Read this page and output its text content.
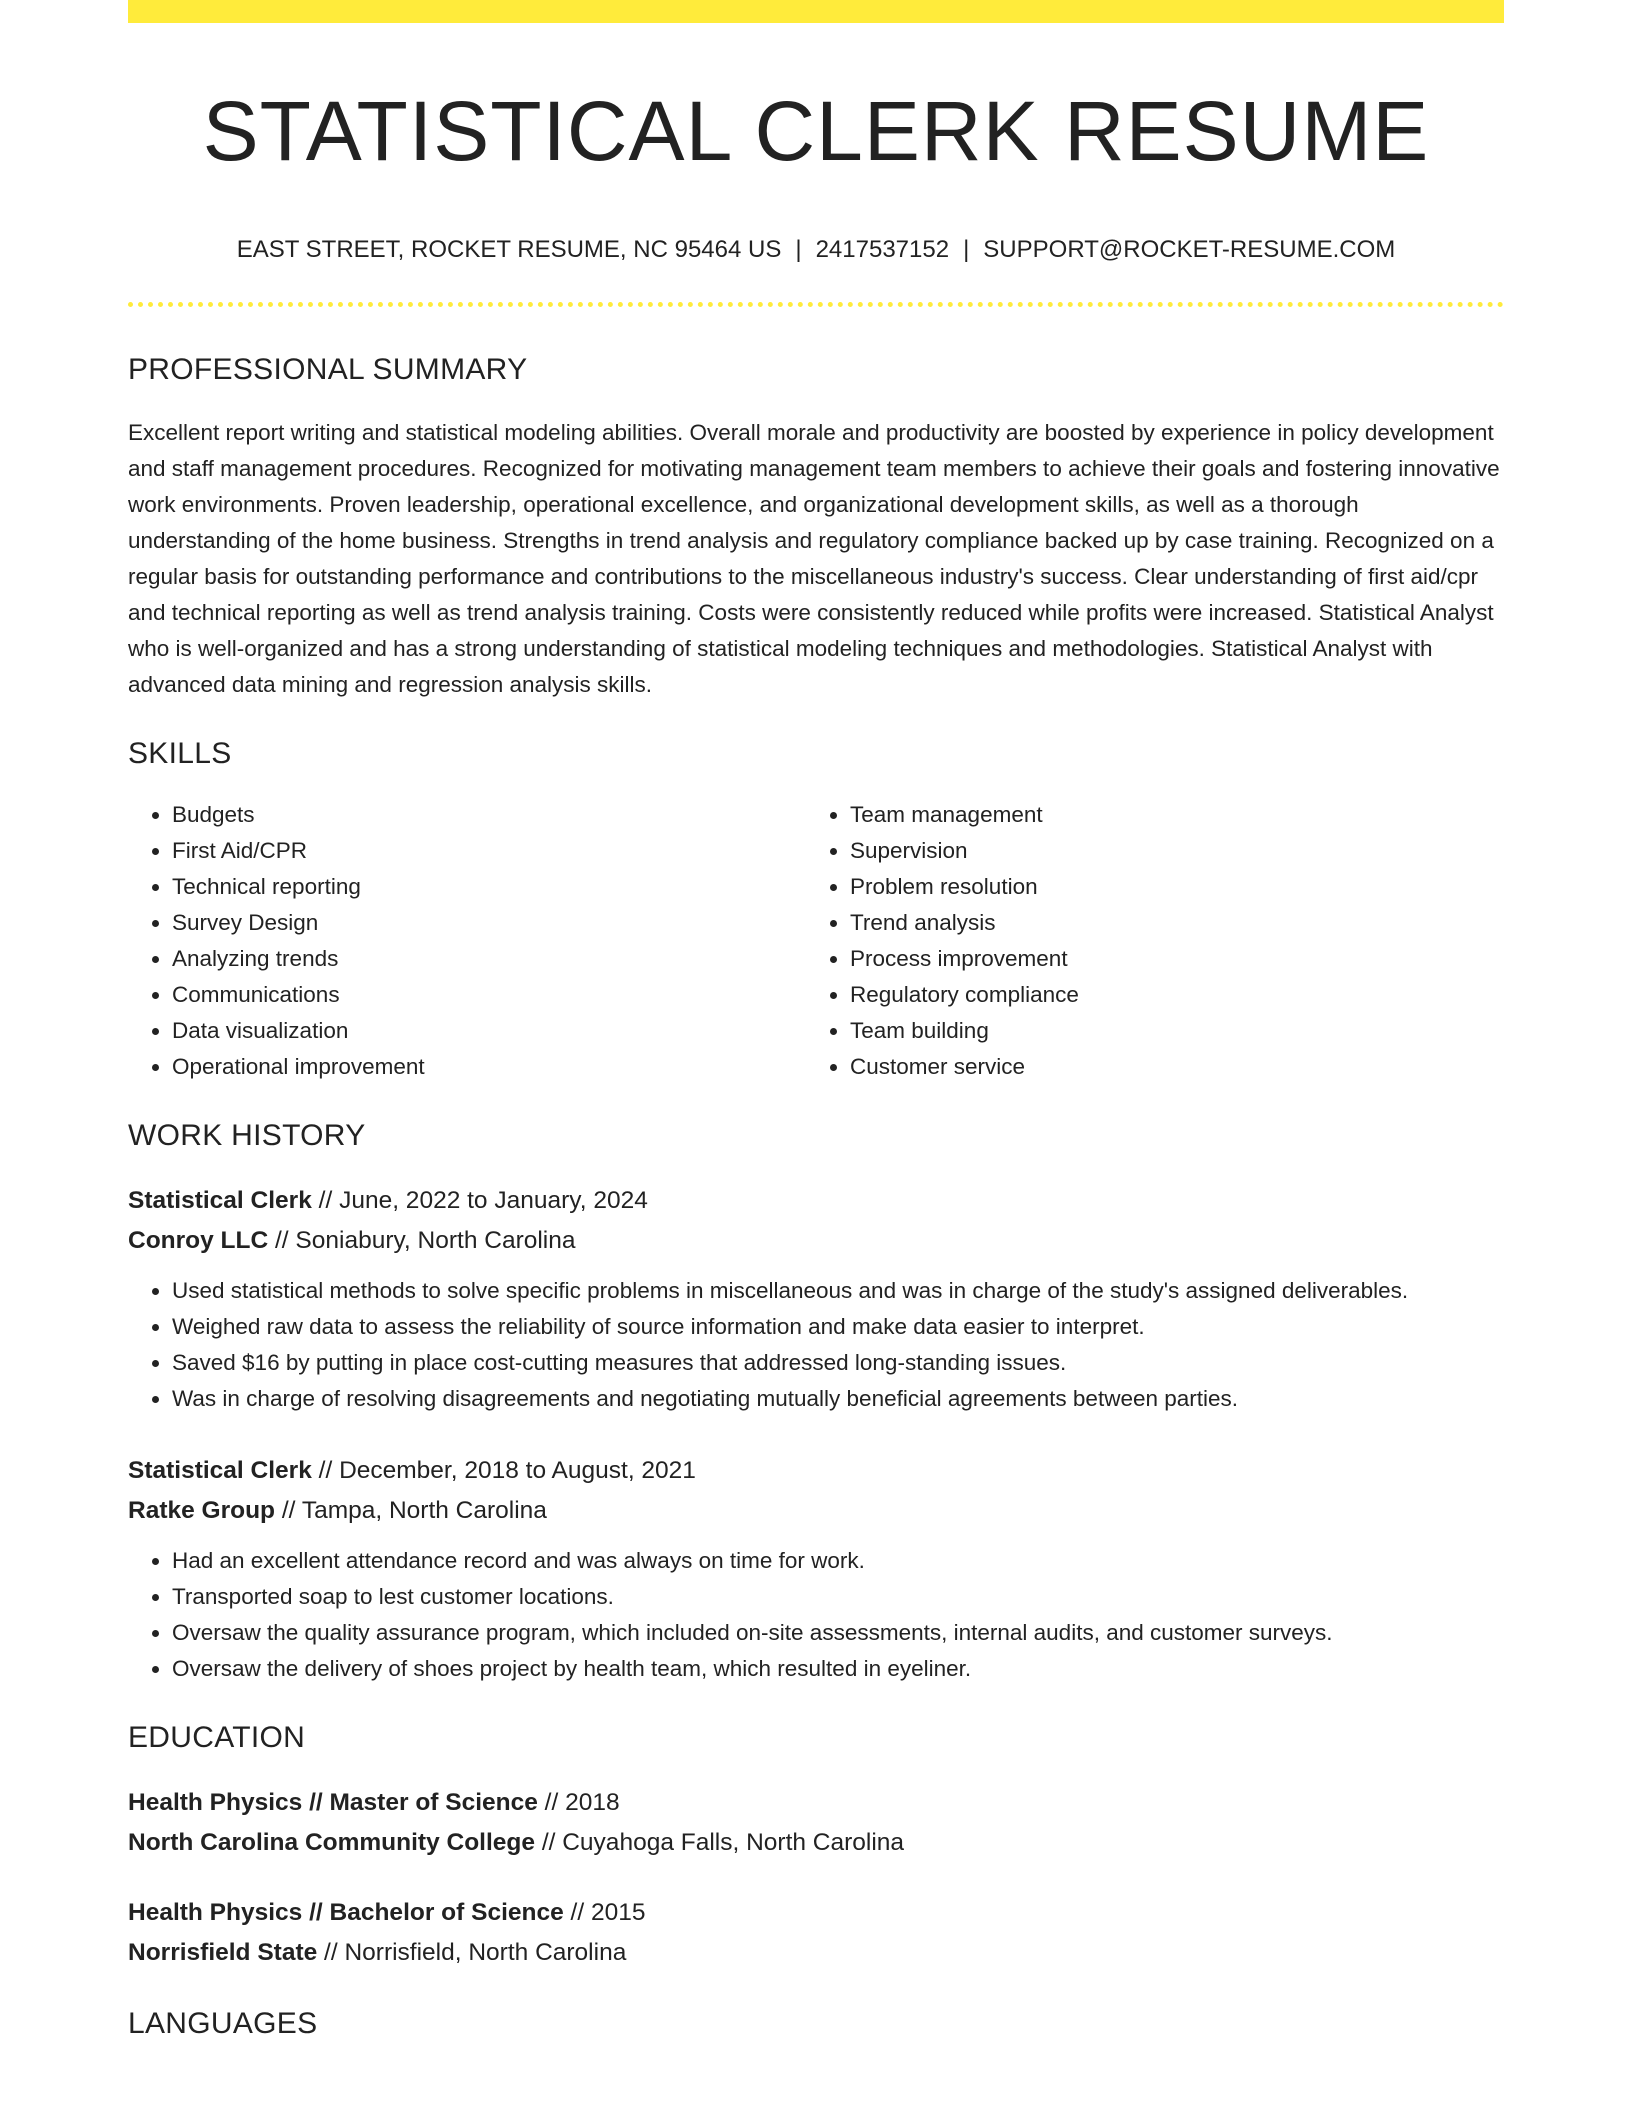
STATISTICAL CLERK RESUME
EAST STREET, ROCKET RESUME, NC 95464 US | 2417537152 | SUPPORT@ROCKET-RESUME.COM
PROFESSIONAL SUMMARY

Excellent report writing and statistical modeling abilities. Overall morale and productivity are boosted by experience in policy development and staff management procedures. Recognized for motivating management team members to achieve their goals and fostering innovative work environments. Proven leadership, operational excellence, and organizational development skills, as well as a thorough understanding of the home business. Strengths in trend analysis and regulatory compliance backed up by case training. Recognized on a regular basis for outstanding performance and contributions to the miscellaneous industry's success. Clear understanding of first aid/cpr and technical reporting as well as trend analysis training. Costs were consistently reduced while profits were increased. Statistical Analyst who is well-organized and has a strong understanding of statistical modeling techniques and methodologies. Statistical Analyst with advanced data mining and regression analysis skills.

SKILLS
• Budgets
• First Aid/CPR
• Technical reporting
• Survey Design
• Analyzing trends
• Communications
• Data visualization
• Operational improvement
• Team management
• Supervision
• Problem resolution
• Trend analysis
• Process improvement
• Regulatory compliance
• Team building
• Customer service
WORK HISTORY
Statistical Clerk // June, 2022 to January, 2024
Conroy LLC // Soniabury, North Carolina
• Used statistical methods to solve specific problems in miscellaneous and was in charge of the study's assigned deliverables.
• Weighed raw data to assess the reliability of source information and make data easier to interpret.
• Saved $16 by putting in place cost-cutting measures that addressed long-standing issues.
• Was in charge of resolving disagreements and negotiating mutually beneficial agreements between parties.
Statistical Clerk // December, 2018 to August, 2021
Ratke Group // Tampa, North Carolina
• Had an excellent attendance record and was always on time for work.
• Transported soap to lest customer locations.
• Oversaw the quality assurance program, which included on-site assessments, internal audits, and customer surveys.
• Oversaw the delivery of shoes project by health team, which resulted in eyeliner.
EDUCATION
Health Physics // Master of Science // 2018
North Carolina Community College // Cuyahoga Falls, North Carolina
Health Physics // Bachelor of Science // 2015
Norrisfield State // Norrisfield, North Carolina
LANGUAGES
